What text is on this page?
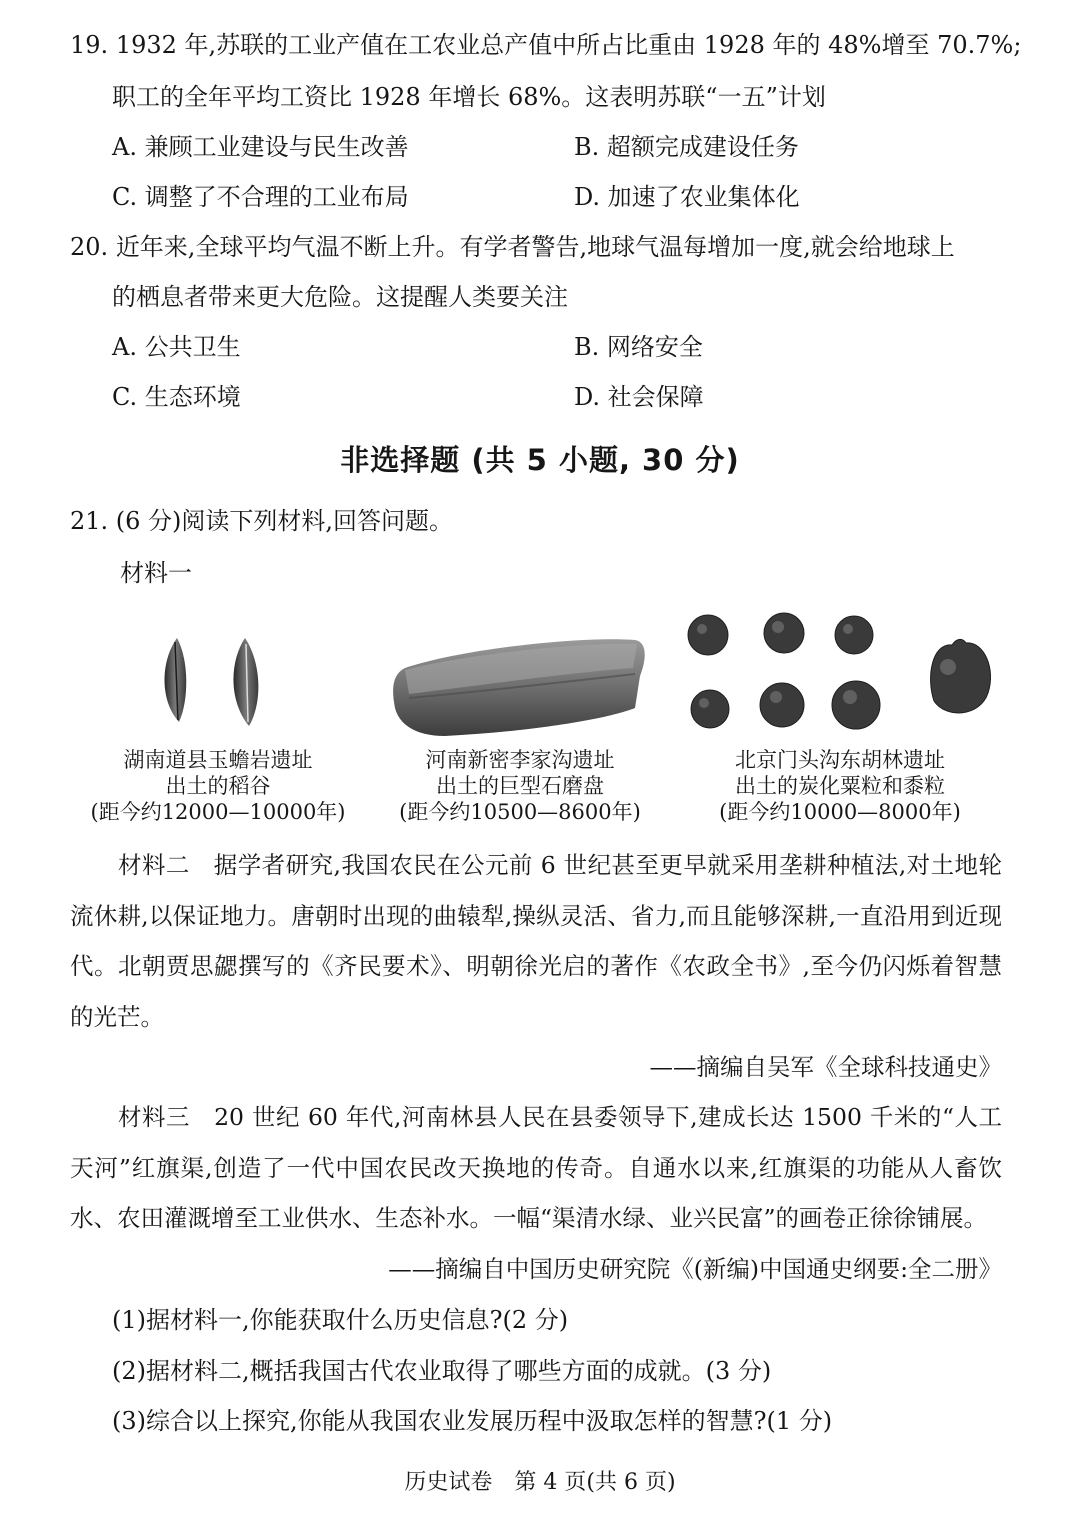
19. 1932 年,苏联的工业产值在工农业总产值中所占比重由 1928 年的 48%增至 70.7%;
职工的全年平均工资比 1928 年增长 68%。这表明苏联“一五”计划
A. 兼顾工业建设与民生改善	B. 超额完成建设任务
C. 调整了不合理的工业布局	D. 加速了农业集体化
20. 近年来,全球平均气温不断上升。有学者警告,地球气温每增加一度,就会给地球上
的栖息者带来更大危险。这提醒人类要关注
A. 公共卫生	B. 网络安全
C. 生态环境	D. 社会保障
非选择题 (共 5 小题, 30 分)
21. (6 分)阅读下列材料,回答问题。
材料一
湖南道县玉蟾岩遗址
出土的稻谷
(距今约12000—10000年)
河南新密李家沟遗址
出土的巨型石磨盘
(距今约10500—8600年)
北京门头沟东胡林遗址
出土的炭化粟粒和黍粒
(距今约10000—8000年)
材料二　据学者研究,我国农民在公元前 6 世纪甚至更早就采用垄耕种植法,对土地轮流休耕,以保证地力。唐朝时出现的曲辕犁,操纵灵活、省力,而且能够深耕,一直沿用到近现代。北朝贾思勰撰写的《齐民要术》、明朝徐光启的著作《农政全书》,至今仍闪烁着智慧的光芒。
——摘编自吴军《全球科技通史》
材料三　20 世纪 60 年代,河南林县人民在县委领导下,建成长达 1500 千米的“人工天河”红旗渠,创造了一代中国农民改天换地的传奇。自通水以来,红旗渠的功能从人畜饮水、农田灌溉增至工业供水、生态补水。一幅“渠清水绿、业兴民富”的画卷正徐徐铺展。
——摘编自中国历史研究院《(新编)中国通史纲要:全二册》
(1)据材料一,你能获取什么历史信息?(2 分)
(2)据材料二,概括我国古代农业取得了哪些方面的成就。(3 分)
(3)综合以上探究,你能从我国农业发展历程中汲取怎样的智慧?(1 分)
历史试卷　第 4 页(共 6 页)
